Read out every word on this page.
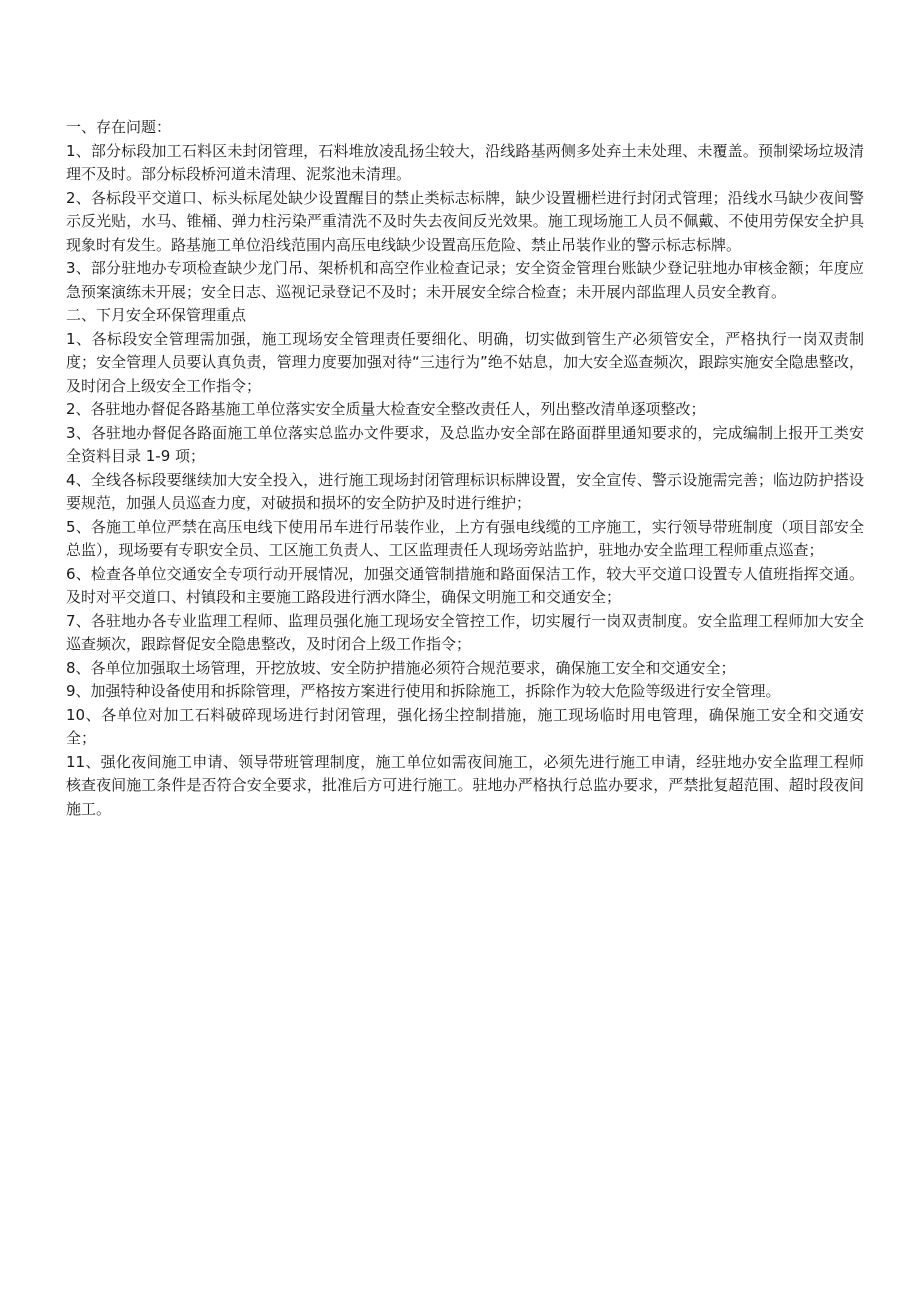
一、存在问题：

1、部分标段加工石料区未封闭管理，石料堆放凌乱扬尘较大，沿线路基两侧多处弃土未处理、未覆盖。预制梁场垃圾清理不及时。部分标段桥河道未清理、泥浆池未清理。

2、各标段平交道口、标头标尾处缺少设置醒目的禁止类标志标牌，缺少设置栅栏进行封闭式管理；沿线水马缺少夜间警示反光贴，水马、锥桶、弹力柱污染严重清洗不及时失去夜间反光效果。施工现场施工人员不佩戴、不使用劳保安全护具现象时有发生。路基施工单位沿线范围内高压电线缺少设置高压危险、禁止吊装作业的警示标志标牌。

3、部分驻地办专项检查缺少龙门吊、架桥机和高空作业检查记录；安全资金管理台账缺少登记驻地办审核金额；年度应急预案演练未开展；安全日志、巡视记录登记不及时；未开展安全综合检查；未开展内部监理人员安全教育。

二、下月安全环保管理重点

1、各标段安全管理需加强，施工现场安全管理责任要细化、明确，切实做到管生产必须管安全，严格执行一岗双责制度；安全管理人员要认真负责，管理力度要加强对待“三违行为”绝不姑息，加大安全巡查频次，跟踪实施安全隐患整改，及时闭合上级安全工作指令；

2、各驻地办督促各路基施工单位落实安全质量大检查安全整改责任人，列出整改清单逐项整改；

3、各驻地办督促各路面施工单位落实总监办文件要求，及总监办安全部在路面群里通知要求的，完成编制上报开工类安全资料目录 1-9 项；

4、全线各标段要继续加大安全投入，进行施工现场封闭管理标识标牌设置，安全宣传、警示设施需完善；临边防护搭设要规范，加强人员巡查力度，对破损和损坏的安全防护及时进行维护；

5、各施工单位严禁在高压电线下使用吊车进行吊装作业，上方有强电线缆的工序施工，实行领导带班制度（项目部安全总监），现场要有专职安全员、工区施工负责人、工区监理责任人现场旁站监护，驻地办安全监理工程师重点巡查；

6、检查各单位交通安全专项行动开展情况，加强交通管制措施和路面保洁工作，较大平交道口设置专人值班指挥交通。及时对平交道口、村镇段和主要施工路段进行洒水降尘，确保文明施工和交通安全；

7、各驻地办各专业监理工程师、监理员强化施工现场安全管控工作，切实履行一岗双责制度。安全监理工程师加大安全巡查频次，跟踪督促安全隐患整改，及时闭合上级工作指令；

8、各单位加强取土场管理，开挖放坡、安全防护措施必须符合规范要求，确保施工安全和交通安全；

9、加强特种设备使用和拆除管理，严格按方案进行使用和拆除施工，拆除作为较大危险等级进行安全管理。

10、各单位对加工石料破碎现场进行封闭管理，强化扬尘控制措施，施工现场临时用电管理，确保施工安全和交通安全；

11、强化夜间施工申请、领导带班管理制度，施工单位如需夜间施工，必须先进行施工申请，经驻地办安全监理工程师核查夜间施工条件是否符合安全要求，批准后方可进行施工。驻地办严格执行总监办要求，严禁批复超范围、超时段夜间施工。
